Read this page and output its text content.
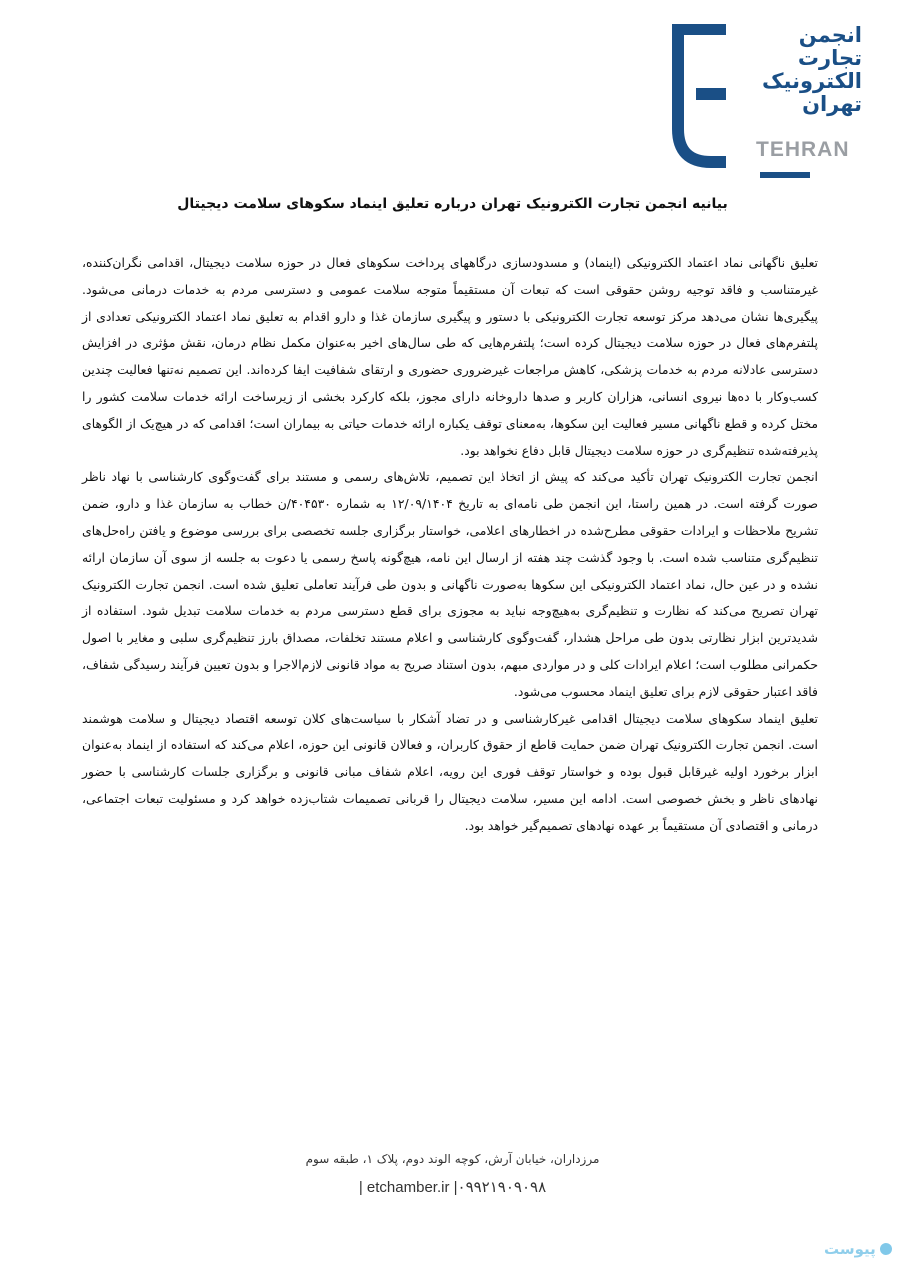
انجمن
تجارت
الکترونیک
تهران
TEHRAN
بیانیه انجمن تجارت الکترونیک تهران درباره تعلیق اینماد سکوهای سلامت دیجیتال

تعلیق ناگهانی نماد اعتماد الکترونیکی (اینماد) و مسدودسازی درگاههای پرداخت سکوهای فعال در حوزه سلامت دیجیتال، اقدامی نگران‌کننده، غیرمتناسب و فاقد توجیه روشن حقوقی است که تبعات آن مستقیماً متوجه سلامت عمومی و دسترسی مردم به خدمات درمانی می‌شود. پیگیری‌ها نشان می‌دهد مرکز توسعه تجارت الکترونیکی با دستور و پیگیری سازمان غذا و دارو اقدام به تعلیق نماد اعتماد الکترونیکی تعدادی از پلتفرم‌های فعال در حوزه سلامت دیجیتال کرده است؛ پلتفرم‌هایی که طی سال‌های اخیر به‌عنوان مکمل نظام درمان، نقش مؤثری در افزایش دسترسی عادلانه مردم به خدمات پزشکی، کاهش مراجعات غیرضروری حضوری و ارتقای شفافیت ایفا کرده‌اند. این تصمیم نه‌تنها فعالیت چندین کسب‌وکار با ده‌ها نیروی انسانی، هزاران کاربر و صدها داروخانه دارای مجوز، بلکه کارکرد بخشی از زیرساخت ارائه خدمات سلامت کشور را مختل کرده و قطع ناگهانی مسیر فعالیت این سکوها، به‌معنای توقف یکباره ارائه خدمات حیاتی به بیماران است؛ اقدامی که در هیچ‌یک از الگوهای پذیرفته‌شده تنظیم‌گری در حوزه سلامت دیجیتال قابل دفاع نخواهد بود.

انجمن تجارت الکترونیک تهران تأکید می‌کند که پیش از اتخاذ این تصمیم، تلاش‌های رسمی و مستند برای گفت‌وگوی کارشناسی با نهاد ناظر صورت گرفته است. در همین راستا، این انجمن طی نامه‌ای به تاریخ ۱۲/۰۹/۱۴۰۴ به شماره ۴۰۴۵۳۰/ن خطاب به سازمان غذا و دارو، ضمن تشریح ملاحظات و ایرادات حقوقی مطرح‌شده در اخطارهای اعلامی، خواستار برگزاری جلسه تخصصی برای بررسی موضوع و یافتن راه‌حل‌های تنظیم‌گری متناسب شده است. با وجود گذشت چند هفته از ارسال این نامه، هیچ‌گونه پاسخ رسمی یا دعوت به جلسه از سوی آن سازمان ارائه نشده و در عین حال، نماد اعتماد الکترونیکی این سکوها به‌صورت ناگهانی و بدون طی فرآیند تعاملی تعلیق شده است. انجمن تجارت الکترونیک تهران تصریح می‌کند که نظارت و تنظیم‌گری به‌هیچ‌وجه نباید به مجوزی برای قطع دسترسی مردم به خدمات سلامت تبدیل شود. استفاده از شدیدترین ابزار نظارتی بدون طی مراحل هشدار، گفت‌وگوی کارشناسی و اعلام مستند تخلفات، مصداق بارز تنظیم‌گری سلبی و مغایر با اصول حکمرانی مطلوب است؛ اعلام ایرادات کلی و در مواردی مبهم، بدون استناد صریح به مواد قانونی لازم‌الاجرا و بدون تعیین فرآیند رسیدگی شفاف، فاقد اعتبار حقوقی لازم برای تعلیق اینماد محسوب می‌شود.

تعلیق اینماد سکوهای سلامت دیجیتال اقدامی غیرکارشناسی و در تضاد آشکار با سیاست‌های کلان توسعه اقتصاد دیجیتال و سلامت هوشمند است. انجمن تجارت الکترونیک تهران ضمن حمایت قاطع از حقوق کاربران، و فعالان قانونی این حوزه، اعلام می‌کند که استفاده از اینماد به‌عنوان ابزار برخورد اولیه غیرقابل قبول بوده و خواستار توقف فوری این رویه، اعلام شفاف مبانی قانونی و برگزاری جلسات کارشناسی با حضور نهادهای ناظر و بخش خصوصی است. ادامه این مسیر، سلامت دیجیتال را قربانی تصمیمات شتاب‌زده خواهد کرد و مسئولیت تبعات اجتماعی، درمانی و اقتصادی آن مستقیماً بر عهده نهادهای تصمیم‌گیر خواهد بود.

مرزداران، خیابان آرش، کوچه الوند دوم، پلاک ۱، طبقه سوم
| etchamber.ir |۰۹۹۲۱۹۰۹۰۹۸
پیوست
